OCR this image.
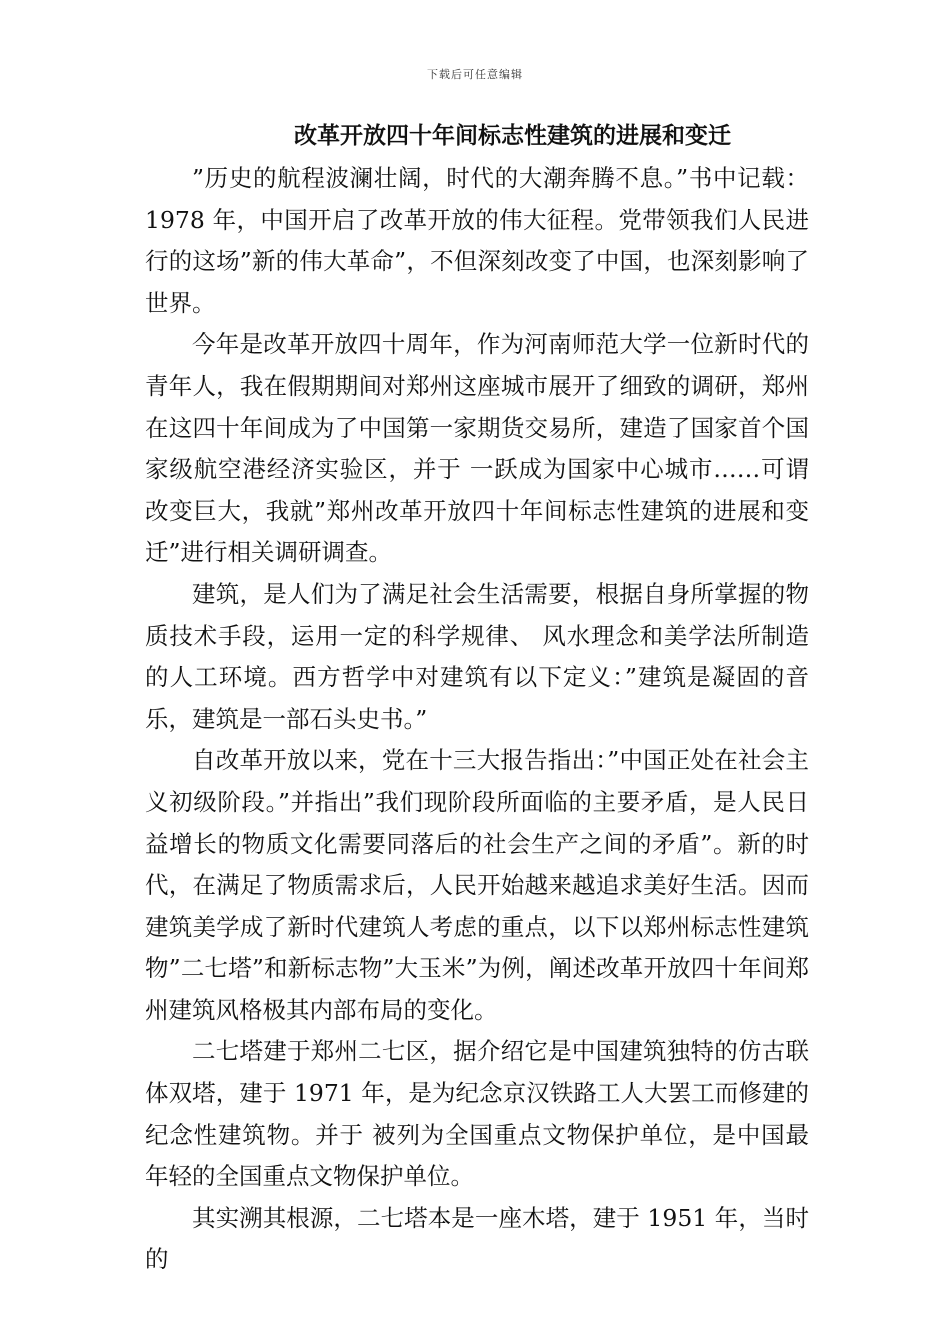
下载后可任意编辑
改革开放四十年间标志性建筑的进展和变迁

”历史的航程波澜壮阔，时代的大潮奔腾不息。”书中记载：1978 年，中国开启了改革开放的伟大征程。党带领我们人民进行的这场”新的伟大革命”，不但深刻改变了中国，也深刻影响了世界。

今年是改革开放四十周年，作为河南师范大学一位新时代的青年人，我在假期期间对郑州这座城市展开了细致的调研，郑州在这四十年间成为了中国第一家期货交易所，建造了国家首个国家级航空港经济实验区，并于 一跃成为国家中心城市……可谓改变巨大，我就”郑州改革开放四十年间标志性建筑的进展和变迁”进行相关调研调查。

建筑，是人们为了满足社会生活需要，根据自身所掌握的物质技术手段，运用一定的科学规律、 风水理念和美学法所制造的人工环境。西方哲学中对建筑有以下定义：”建筑是凝固的音乐，建筑是一部石头史书。”

自改革开放以来，党在十三大报告指出：”中国正处在社会主义初级阶段。”并指出”我们现阶段所面临的主要矛盾，是人民日益增长的物质文化需要同落后的社会生产之间的矛盾”。新的时代，在满足了物质需求后，人民开始越来越追求美好生活。因而建筑美学成了新时代建筑人考虑的重点，以下以郑州标志性建筑物”二七塔”和新标志物”大玉米”为例，阐述改革开放四十年间郑州建筑风格极其内部布局的变化。

二七塔建于郑州二七区，据介绍它是中国建筑独特的仿古联体双塔，建于 1971 年，是为纪念京汉铁路工人大罢工而修建的纪念性建筑物。并于 被列为全国重点文物保护单位，是中国最年轻的全国重点文物保护单位。

其实溯其根源，二七塔本是一座木塔，建于 1951 年，当时的
